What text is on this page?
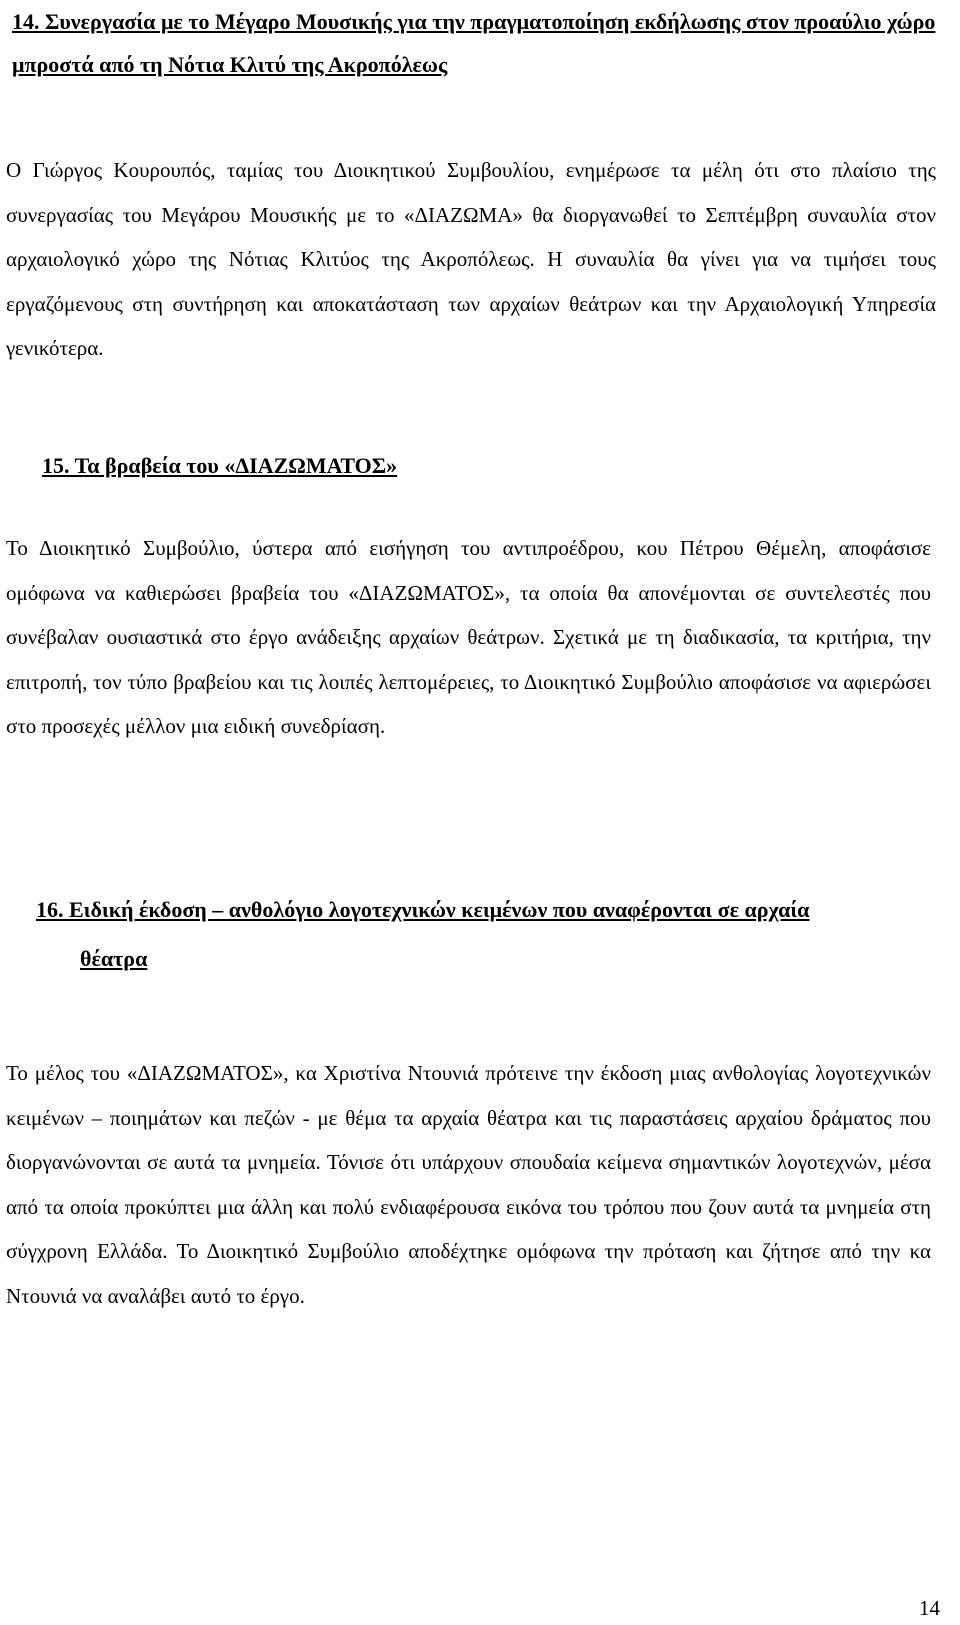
14. Συνεργασία με το Μέγαρο Μουσικής για την πραγματοποίηση εκδήλωσης στον προαύλιο χώρο μπροστά από τη Νότια Κλιτύ της Ακροπόλεως

Ο Γιώργος Κουρουπός, ταμίας του Διοικητικού Συμβουλίου, ενημέρωσε τα μέλη ότι στο πλαίσιο της συνεργασίας του Μεγάρου Μουσικής με το «ΔΙΑΖΩΜΑ» θα διοργανωθεί το Σεπτέμβρη συναυλία στον αρχαιολογικό χώρο της Νότιας Κλιτύος της Ακροπόλεως. Η συναυλία θα γίνει για να τιμήσει τους εργαζόμενους στη συντήρηση και αποκατάσταση των αρχαίων θεάτρων και την Αρχαιολογική Υπηρεσία γενικότερα.

15. Τα βραβεία του «ΔΙΑΖΩΜΑΤΟΣ»

Το Διοικητικό Συμβούλιο, ύστερα από εισήγηση του αντιπροέδρου, κου Πέτρου Θέμελη, αποφάσισε ομόφωνα να καθιερώσει βραβεία του «ΔΙΑΖΩΜΑΤΟΣ», τα οποία θα απονέμονται σε συντελεστές που συνέβαλαν ουσιαστικά στο έργο ανάδειξης αρχαίων θεάτρων. Σχετικά με τη διαδικασία, τα κριτήρια, την επιτροπή, τον τύπο βραβείου και τις λοιπές λεπτομέρειες, το Διοικητικό Συμβούλιο αποφάσισε να αφιερώσει στο προσεχές μέλλον μια ειδική συνεδρίαση.

16. Ειδική έκδοση – ανθολόγιο λογοτεχνικών κειμένων που αναφέρονται σε αρχαία

θέατρα

Το μέλος του «ΔΙΑΖΩΜΑΤΟΣ», κα Χριστίνα Ντουνιά πρότεινε την έκδοση μιας ανθολογίας λογοτεχνικών κειμένων – ποιημάτων και πεζών - με θέμα τα αρχαία θέατρα και τις παραστάσεις αρχαίου δράματος που διοργανώνονται σε αυτά τα μνημεία. Τόνισε ότι υπάρχουν σπουδαία κείμενα σημαντικών λογοτεχνών, μέσα από τα οποία προκύπτει μια άλλη και πολύ ενδιαφέρουσα εικόνα του τρόπου που ζουν αυτά τα μνημεία στη σύγχρονη Ελλάδα. Το Διοικητικό Συμβούλιο αποδέχτηκε ομόφωνα την πρόταση και ζήτησε από την κα Ντουνιά να αναλάβει αυτό το έργο.

14
